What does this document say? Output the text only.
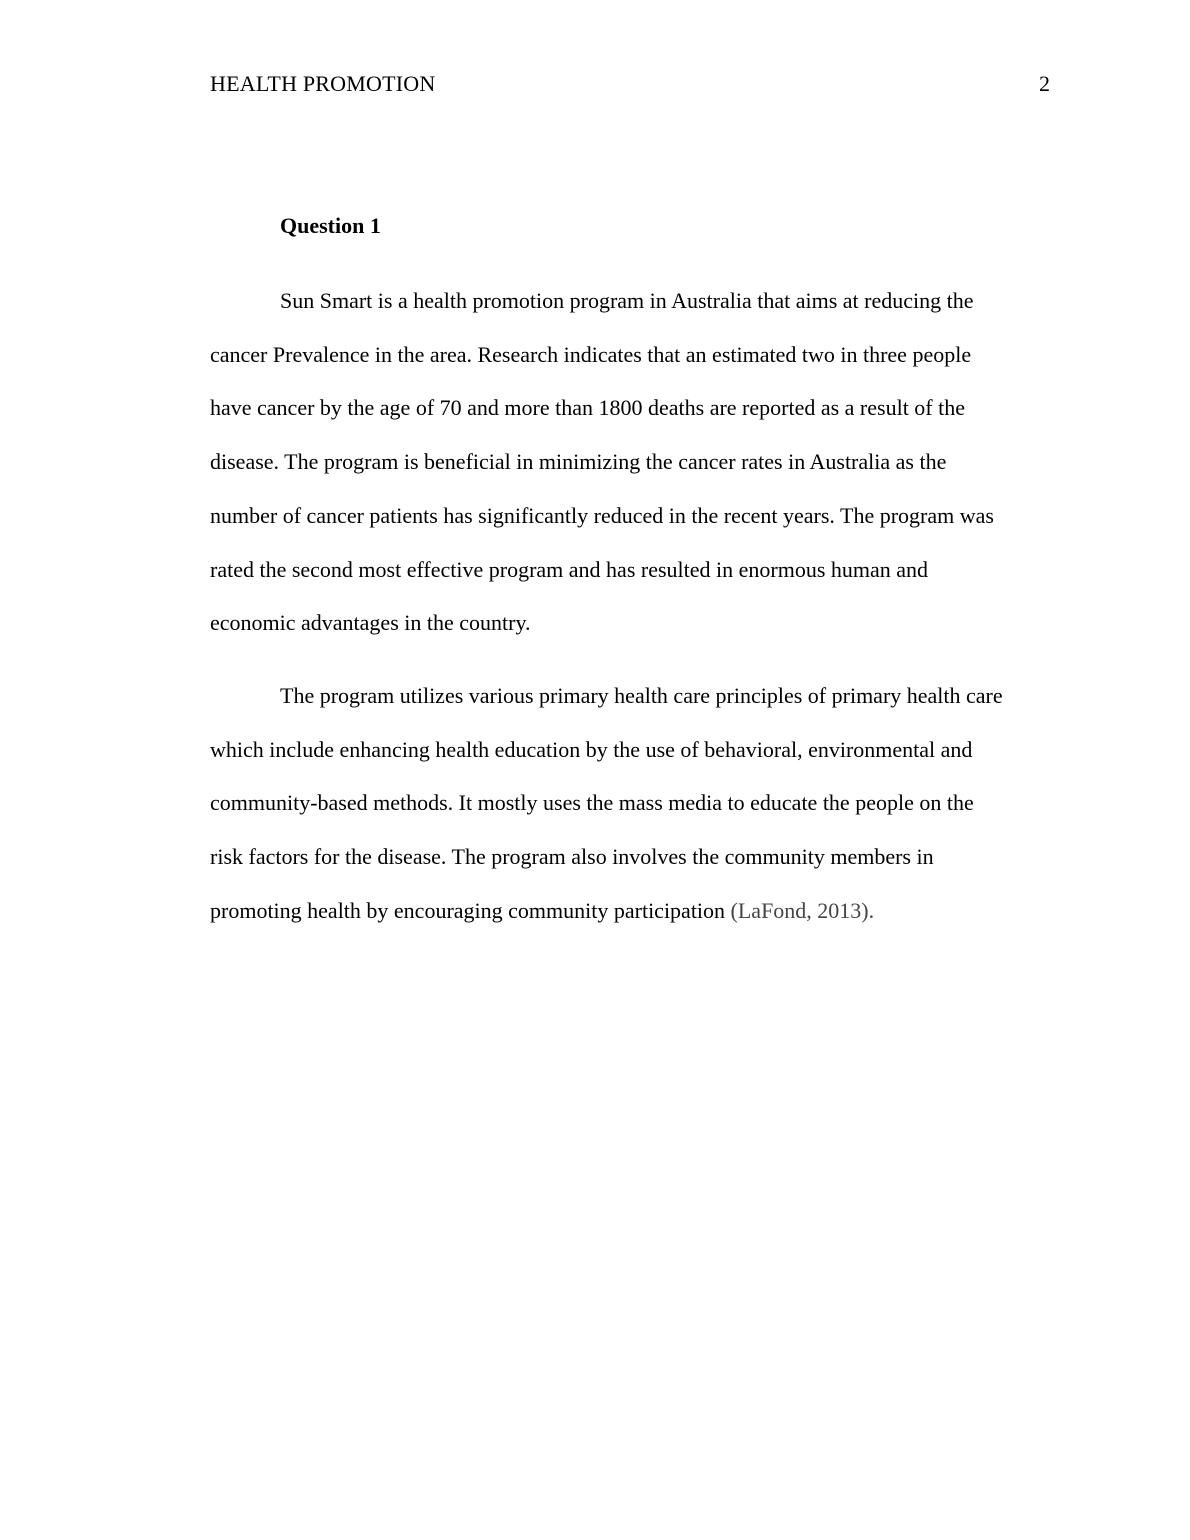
HEALTH PROMOTION	2
Question 1
Sun Smart is a health promotion program in Australia that aims at reducing the
cancer Prevalence in the area. Research indicates that an estimated two in three people
have cancer by the age of 70 and more than 1800 deaths are reported as a result of the
disease. The program is beneficial in minimizing the cancer rates in Australia as the
number of cancer patients has significantly reduced in the recent years. The program was
rated the second most effective program and has resulted in enormous human and
economic advantages in the country.
The program utilizes various primary health care principles of primary health care
which include enhancing health education by the use of behavioral, environmental and
community-based methods. It mostly uses the mass media to educate the people on the
risk factors for the disease. The program also involves the community members in
promoting health by encouraging community participation (LaFond, 2013).
